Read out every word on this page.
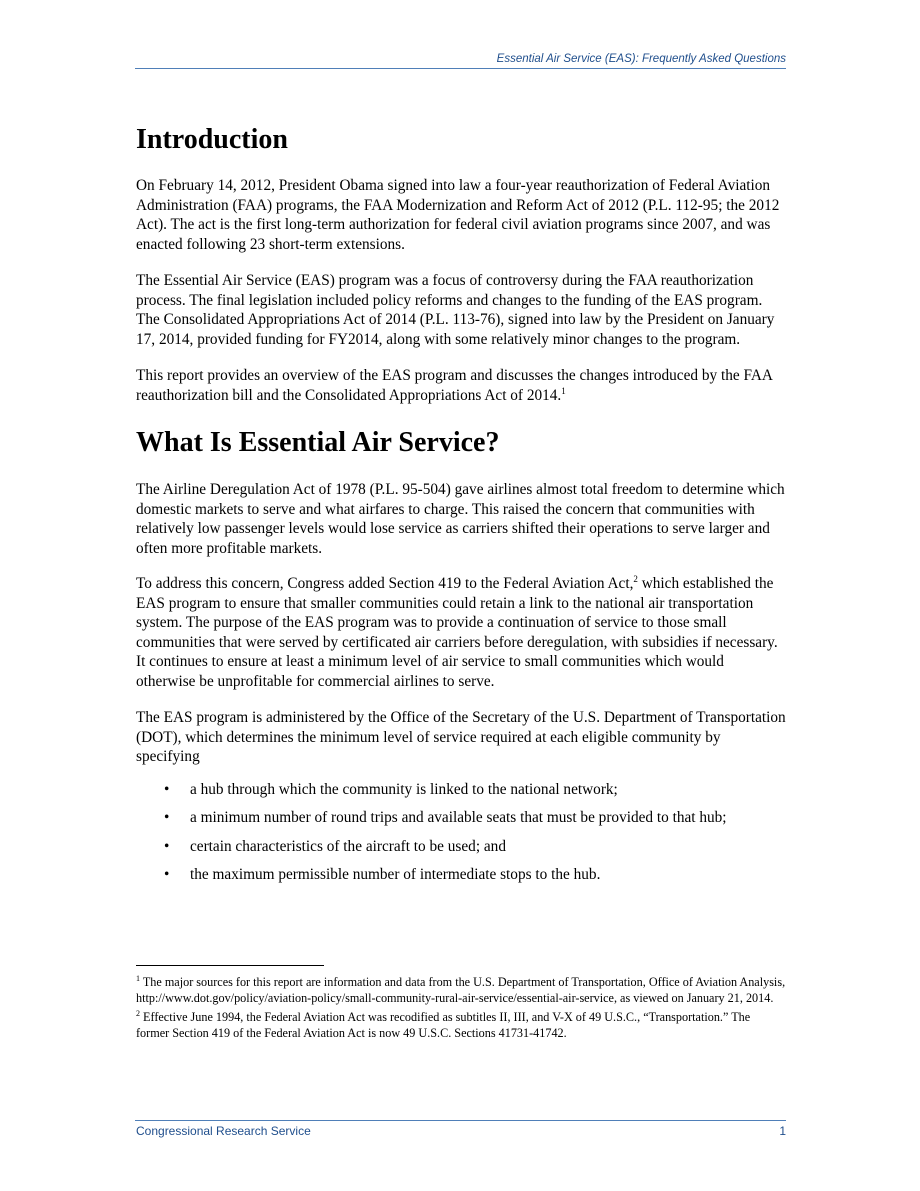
Essential Air Service (EAS): Frequently Asked Questions
Introduction

On February 14, 2012, President Obama signed into law a four-year reauthorization of Federal Aviation Administration (FAA) programs, the FAA Modernization and Reform Act of 2012 (P.L. 112-95; the 2012 Act). The act is the first long-term authorization for federal civil aviation programs since 2007, and was enacted following 23 short-term extensions.

The Essential Air Service (EAS) program was a focus of controversy during the FAA reauthorization process. The final legislation included policy reforms and changes to the funding of the EAS program. The Consolidated Appropriations Act of 2014 (P.L. 113-76), signed into law by the President on January 17, 2014, provided funding for FY2014, along with some relatively minor changes to the program.

This report provides an overview of the EAS program and discusses the changes introduced by the FAA reauthorization bill and the Consolidated Appropriations Act of 2014.$^1$

What Is Essential Air Service?

The Airline Deregulation Act of 1978 (P.L. 95-504) gave airlines almost total freedom to determine which domestic markets to serve and what airfares to charge. This raised the concern that communities with relatively low passenger levels would lose service as carriers shifted their operations to serve larger and often more profitable markets.

To address this concern, Congress added Section 419 to the Federal Aviation Act,$^2$ which established the EAS program to ensure that smaller communities could retain a link to the national air transportation system. The purpose of the EAS program was to provide a continuation of service to those small communities that were served by certificated air carriers before deregulation, with subsidies if necessary. It continues to ensure at least a minimum level of air service to small communities which would otherwise be unprofitable for commercial airlines to serve.

The EAS program is administered by the Office of the Secretary of the U.S. Department of Transportation (DOT), which determines the minimum level of service required at each eligible community by specifying

• a hub through which the community is linked to the national network;
• a minimum number of round trips and available seats that must be provided to that hub;
• certain characteristics of the aircraft to be used; and
• the maximum permissible number of intermediate stops to the hub.
$^1$ The major sources for this report are information and data from the U.S. Department of Transportation, Office of Aviation Analysis, http://www.dot.gov/policy/aviation-policy/small-community-rural-air-service/essential-air-service, as viewed on January 21, 2014.
$^2$ Effective June 1994, the Federal Aviation Act was recodified as subtitles II, III, and V-X of 49 U.S.C., “Transportation.” The former Section 419 of the Federal Aviation Act is now 49 U.S.C. Sections 41731-41742.
Congressional Research Service	1
